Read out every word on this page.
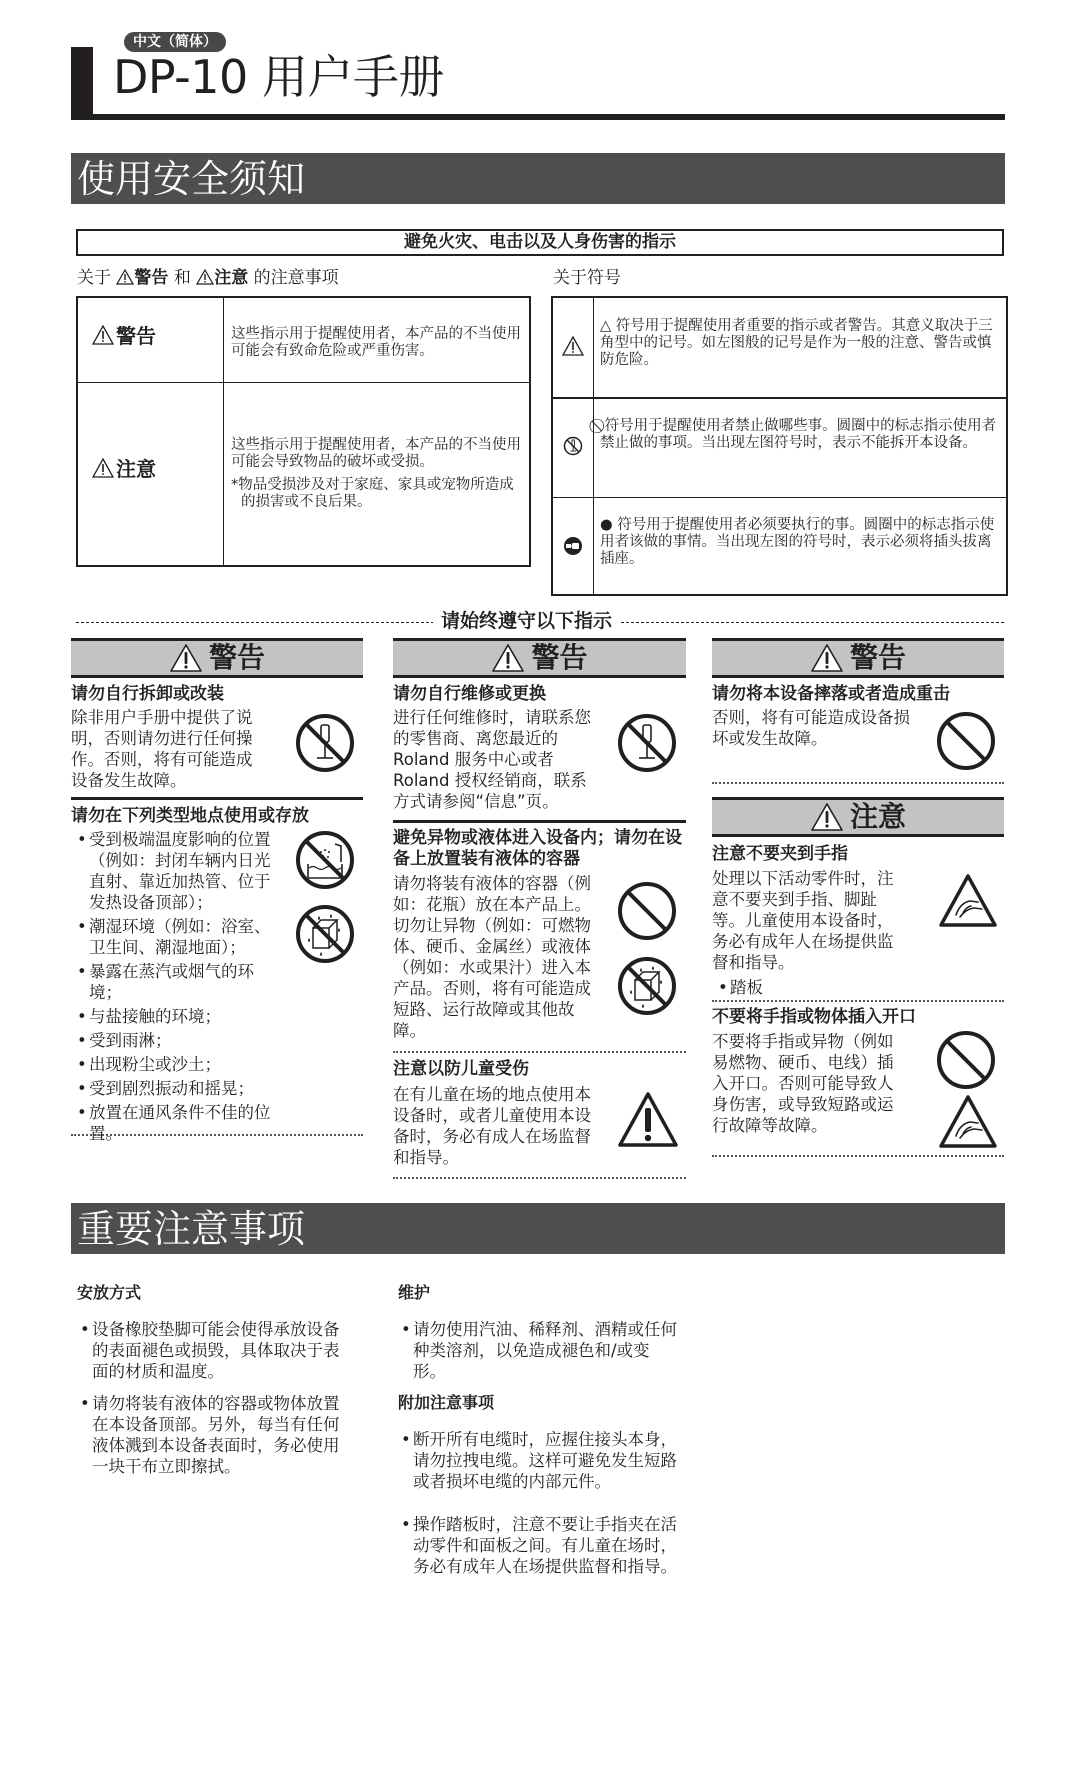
中文（简体）
DP-10 用户手册
使用安全须知
避免火灾、电击以及人身伤害的指示
关于 警告 和 注意 的注意事项	关于符号
警告	这些指示用于提醒使用者，本产品的不当使用可能会有致命危险或严重伤害。
注意
这些指示用于提醒使用者，本产品的不当使用可能会导致物品的破坏或受损。
*物品受损涉及对于家庭、家具或宠物所造成的损害或不良后果。
△ 符号用于提醒使用者重要的指示或者警告。其意义取决于三角型中的记号。如左图般的记号是作为一般的注意、警告或慎防危险。
⃠ 符号用于提醒使用者禁止做哪些事。圆圈中的标志指示使用者禁止做的事项。当出现左图符号时，表示不能拆开本设备。
● 符号用于提醒使用者必须要执行的事。圆圈中的标志指示使用者该做的事情。当出现左图的符号时，表示必须将插头拔离插座。
请始终遵守以下指示
警告
请勿自行拆卸或改装
除非用户手册中提供了说明，否则请勿进行任何操作。否则，将有可能造成设备发生故障。
请勿在下列类型地点使用或存放
• 受到极端温度影响的位置（例如：封闭车辆内日光直射、靠近加热管、位于发热设备顶部）；
• 潮湿环境（例如：浴室、卫生间、潮湿地面）；
• 暴露在蒸汽或烟气的环境；
• 与盐接触的环境；
• 受到雨淋；
• 出现粉尘或沙土；
• 受到剧烈振动和摇晃；
• 放置在通风条件不佳的位置。
警告
请勿自行维修或更换
进行任何维修时，请联系您的零售商、离您最近的 Roland 服务中心或者 Roland 授权经销商，联系方式请参阅“信息”页。
避免异物或液体进入设备内；请勿在设备上放置装有液体的容器
请勿将装有液体的容器（例如：花瓶）放在本产品上。切勿让异物（例如：可燃物体、硬币、金属丝）或液体（例如：水或果汁）进入本产品。否则，将有可能造成短路、运行故障或其他故障。
注意以防儿童受伤
在有儿童在场的地点使用本设备时，或者儿童使用本设备时，务必有成人在场监督和指导。
警告
请勿将本设备摔落或者造成重击
否则，将有可能造成设备损坏或发生故障。
注意
注意不要夹到手指
处理以下活动零件时，注意不要夹到手指、脚趾等。儿童使用本设备时，务必有成年人在场提供监督和指导。
• 踏板
不要将手指或物体插入开口
不要将手指或异物（例如易燃物、硬币、电线）插入开口。否则可能导致人身伤害，或导致短路或运行故障等故障。
重要注意事项
安放方式
• 设备橡胶垫脚可能会使得承放设备的表面褪色或损毁，具体取决于表面的材质和温度。
• 请勿将装有液体的容器或物体放置在本设备顶部。另外，每当有任何液体溅到本设备表面时，务必使用一块干布立即擦拭。
维护
• 请勿使用汽油、稀释剂、酒精或任何种类溶剂，以免造成褪色和/或变形。
附加注意事项
• 断开所有电缆时，应握住接头本身，请勿拉拽电缆。这样可避免发生短路或者损坏电缆的内部元件。
• 操作踏板时，注意不要让手指夹在活动零件和面板之间。有儿童在场时，务必有成年人在场提供监督和指导。
